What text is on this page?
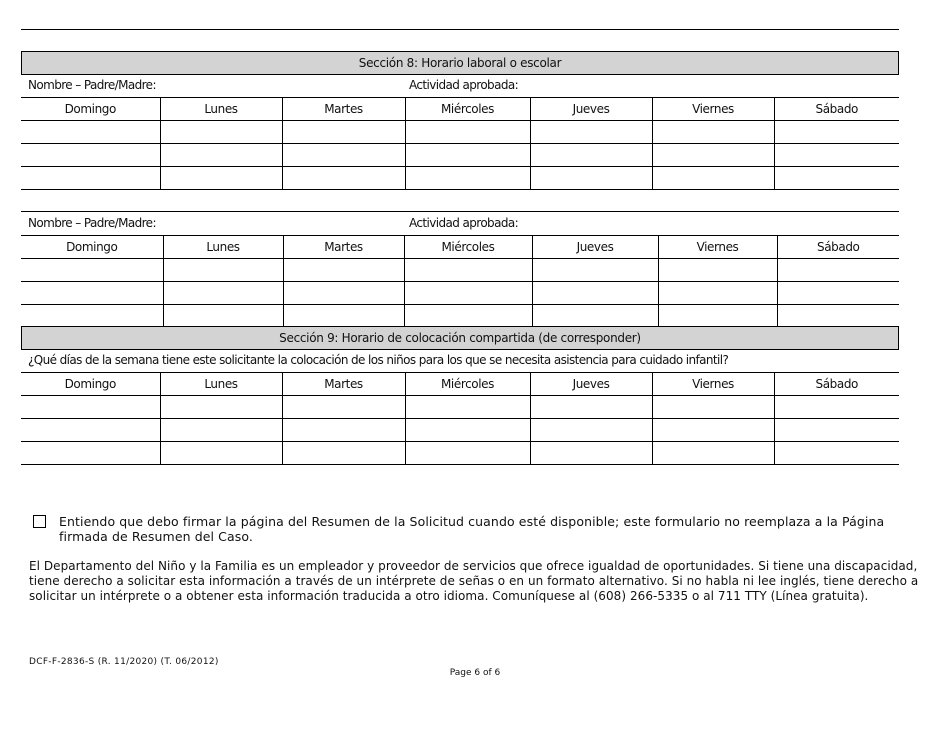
Sección 8: Horario laboral o escolar
Nombre – Padre/Madre:	Actividad aprobada:
Domingo	Lunes	Martes	Miércoles	Jueves	Viernes	Sábado

Nombre – Padre/Madre:	Actividad aprobada:
Domingo	Lunes	Martes	Miércoles	Jueves	Viernes	Sábado

Sección 9: Horario de colocación compartida (de corresponder)
¿Qué días de la semana tiene este solicitante la colocación de los niños para los que se necesita asistencia para cuidado infantil?
Domingo	Lunes	Martes	Miércoles	Jueves	Viernes	Sábado

Entiendo que debo firmar la página del Resumen de la Solicitud cuando esté disponible; este formulario no reemplaza a la Página firmada de Resumen del Caso.
El Departamento del Niño y la Familia es un empleador y proveedor de servicios que ofrece igualdad de oportunidades. Si tiene una discapacidad, tiene derecho a solicitar esta información a través de un intérprete de señas o en un formato alternativo. Si no habla ni lee inglés, tiene derecho a solicitar un intérprete o a obtener esta información traducida a otro idioma. Comuníquese al (608) 266-5335 o al 711 TTY (Línea gratuita).
DCF-F-2836-S (R. 11/2020) (T. 06/2012)
Page 6 of 6
